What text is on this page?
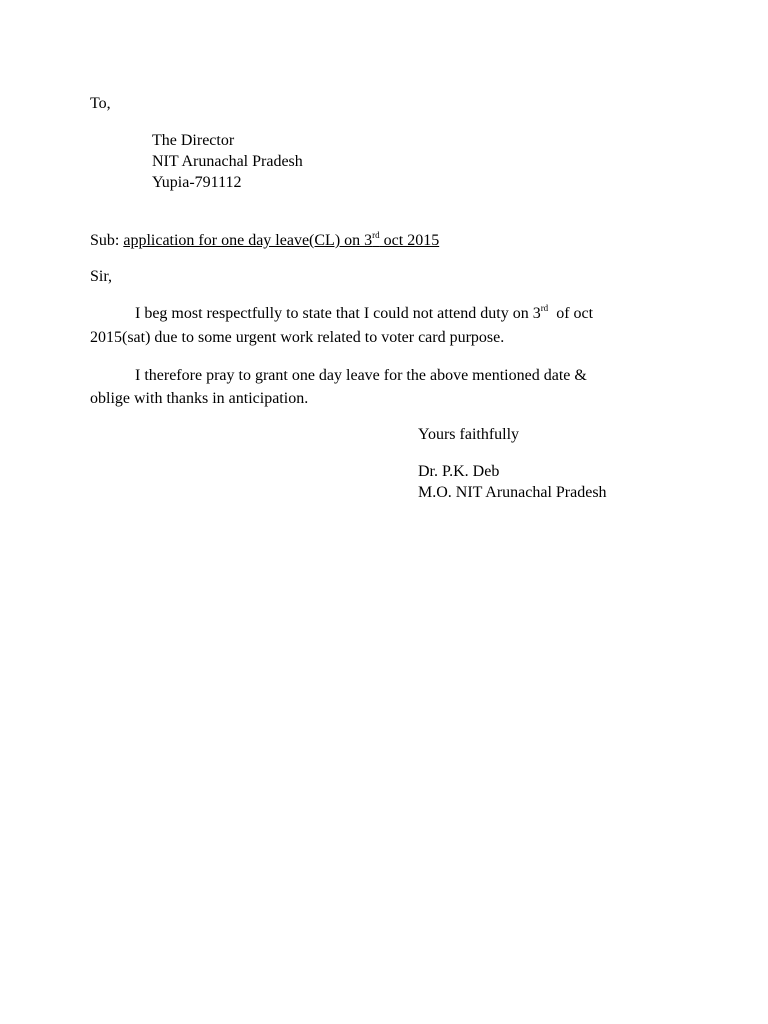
To,
The Director
NIT Arunachal Pradesh
Yupia-791112
Sub: application for one day leave(CL) on 3rd oct 2015
Sir,
I beg most respectfully to state that I could not attend duty on 3rd  of oct
2015(sat) due to some urgent work related to voter card purpose.
I therefore pray to grant one day leave for the above mentioned date &
oblige with thanks in anticipation.
Yours faithfully
Dr. P.K. Deb
M.O. NIT Arunachal Pradesh
